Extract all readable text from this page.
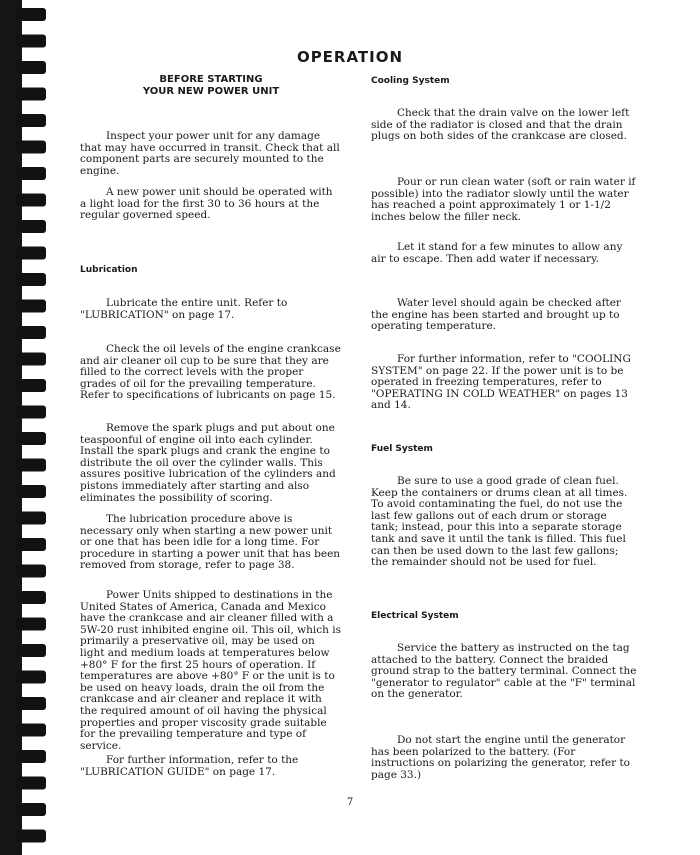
OPERATION
BEFORE STARTING
YOUR NEW POWER UNIT

Inspect your power unit for any damage that may have occurred in transit. Check that all component parts are securely mounted to the engine.

A new power unit should be operated with a light load for the first 30 to 36 hours at the regular governed speed.

Lubrication

Lubricate the entire unit. Refer to "LUBRICATION" on page 17.

Check the oil levels of the engine crankcase and air cleaner oil cup to be sure that they are filled to the correct levels with the proper grades of oil for the prevailing temperature. Refer to specifications of lubricants on page 15.

Remove the spark plugs and put about one teaspoonful of engine oil into each cylinder. Install the spark plugs and crank the engine to distribute the oil over the cylinder walls. This assures positive lubrication of the cylinders and pistons immediately after starting and also eliminates the possibility of scoring.

The lubrication procedure above is necessary only when starting a new power unit or one that has been idle for a long time. For procedure in starting a power unit that has been removed from storage, refer to page 38.

Power Units shipped to destinations in the United States of America, Canada and Mexico have the crankcase and air cleaner filled with a 5W-20 rust inhibited engine oil. This oil, which is primarily a preservative oil, may be used on light and medium loads at temperatures below +80° F for the first 25 hours of operation. If temperatures are above +80° F or the unit is to be used on heavy loads, drain the oil from the crankcase and air cleaner and replace it with the required amount of oil having the physical properties and proper viscosity grade suitable for the prevailing temperature and type of service.

For further information, refer to the "LUBRICATION GUIDE" on page 17.

Cooling System

Check that the drain valve on the lower left side of the radiator is closed and that the drain plugs on both sides of the crankcase are closed.

Pour or run clean water (soft or rain water if possible) into the radiator slowly until the water has reached a point approximately 1 or 1-1/2 inches below the filler neck.

Let it stand for a few minutes to allow any air to escape. Then add water if necessary.

Water level should again be checked after the engine has been started and brought up to operating temperature.

For further information, refer to "COOLING SYSTEM" on page 22. If the power unit is to be operated in freezing temperatures, refer to "OPERATING IN COLD WEATHER" on pages 13 and 14.

Fuel System

Be sure to use a good grade of clean fuel. Keep the containers or drums clean at all times. To avoid contaminating the fuel, do not use the last few gallons out of each drum or storage tank; instead, pour this into a separate storage tank and save it until the tank is filled. This fuel can then be used down to the last few gallons; the remainder should not be used for fuel.

Electrical System

Service the battery as instructed on the tag attached to the battery. Connect the braided ground strap to the battery terminal. Connect the "generator to regulator" cable at the "F" terminal on the generator.

Do not start the engine until the generator has been polarized to the battery. (For instructions on polarizing the generator, refer to page 33.)

7
